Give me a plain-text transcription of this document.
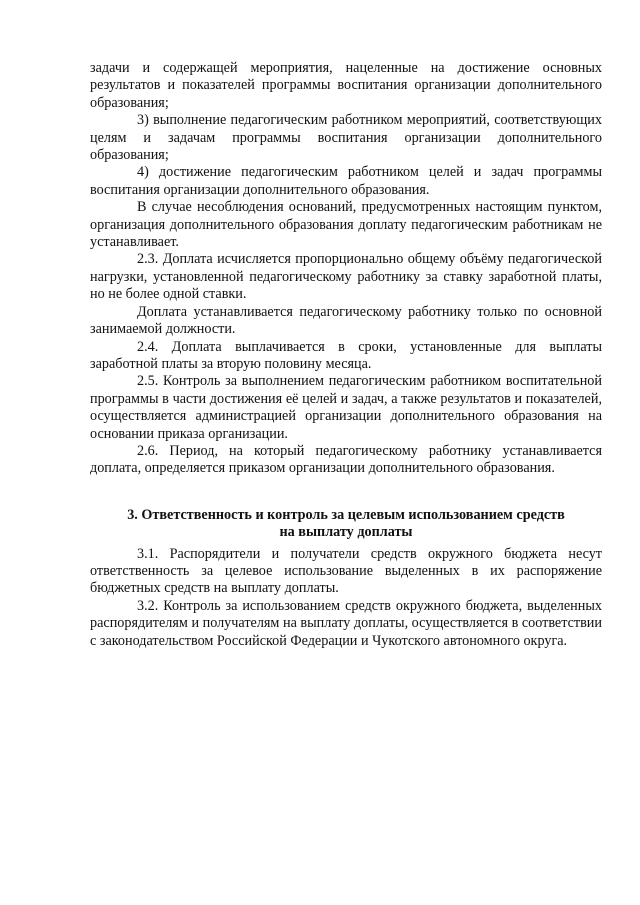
задачи и содержащей мероприятия, нацеленные на достижение основных результатов и показателей программы воспитания организации дополнительного образования;

3) выполнение педагогическим работником мероприятий, соответствующих целям и задачам программы воспитания организации дополнительного образования;

4) достижение педагогическим работником целей и задач программы воспитания организации дополнительного образования.

В случае несоблюдения оснований, предусмотренных настоящим пунктом, организация дополнительного образования доплату педагогическим работникам не устанавливает.

2.3. Доплата исчисляется пропорционально общему объёму педагогической нагрузки, установленной педагогическому работнику за ставку заработной платы, но не более одной ставки.

Доплата устанавливается педагогическому работнику только по основной занимаемой должности.

2.4. Доплата выплачивается в сроки, установленные для выплаты заработной платы за вторую половину месяца.

2.5. Контроль за выполнением педагогическим работником воспитательной программы в части достижения её целей и задач, а также результатов и показателей, осуществляется администрацией организации дополнительного образования на основании приказа организации.

2.6. Период, на который педагогическому работнику устанавливается доплата, определяется приказом организации дополнительного образования.

3. Ответственность и контроль за целевым использованием средств
на выплату доплаты

3.1. Распорядители и получатели средств окружного бюджета несут ответственность за целевое использование выделенных в их распоряжение бюджетных средств на выплату доплаты.

3.2. Контроль за использованием средств окружного бюджета, выделенных распорядителям и получателям на выплату доплаты, осуществляется в соответствии с законодательством Российской Федерации и Чукотского автономного округа.
